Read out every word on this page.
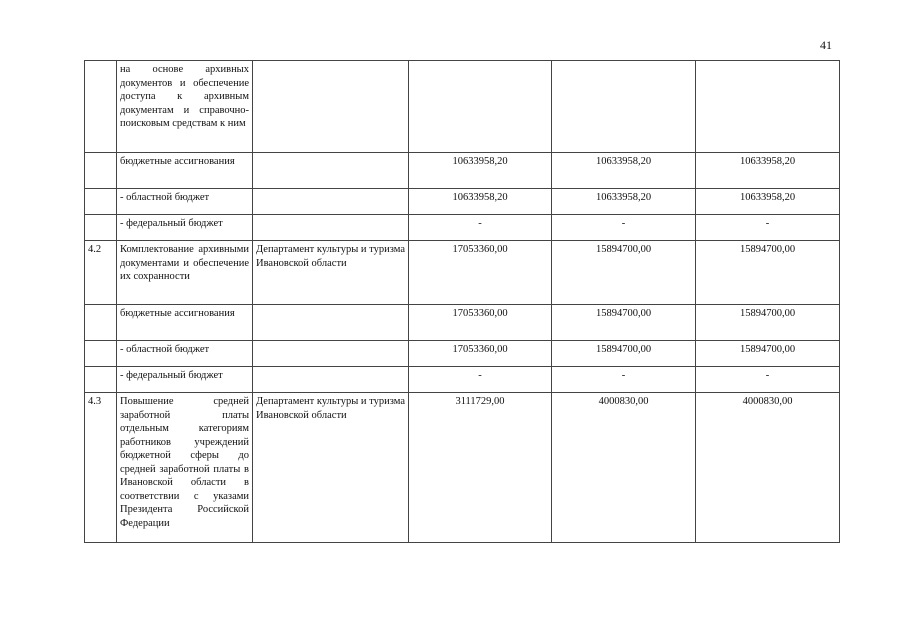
41
	на основе архивных документов и обеспечение доступа к архивным документам и справочно-поисковым средствам к ним				
	бюджетные ассигнования		10633958,20	10633958,20	10633958,20
	- областной бюджет		10633958,20	10633958,20	10633958,20
	- федеральный бюджет		-	-	-
4.2	Комплектование архивными документами и обеспечение их сохранности	Департамент культуры и туризма Ивановской области	17053360,00	15894700,00	15894700,00
	бюджетные ассигнования		17053360,00	15894700,00	15894700,00
	- областной бюджет		17053360,00	15894700,00	15894700,00
	- федеральный бюджет		-	-	-
4.3	Повышение средней заработной платы отдельным категориям работников учреждений бюджетной сферы до средней заработной платы в Ивановской области в соответствии с указами Президента Российской Федерации	Департамент культуры и туризма Ивановской области	3111729,00	4000830,00	4000830,00
